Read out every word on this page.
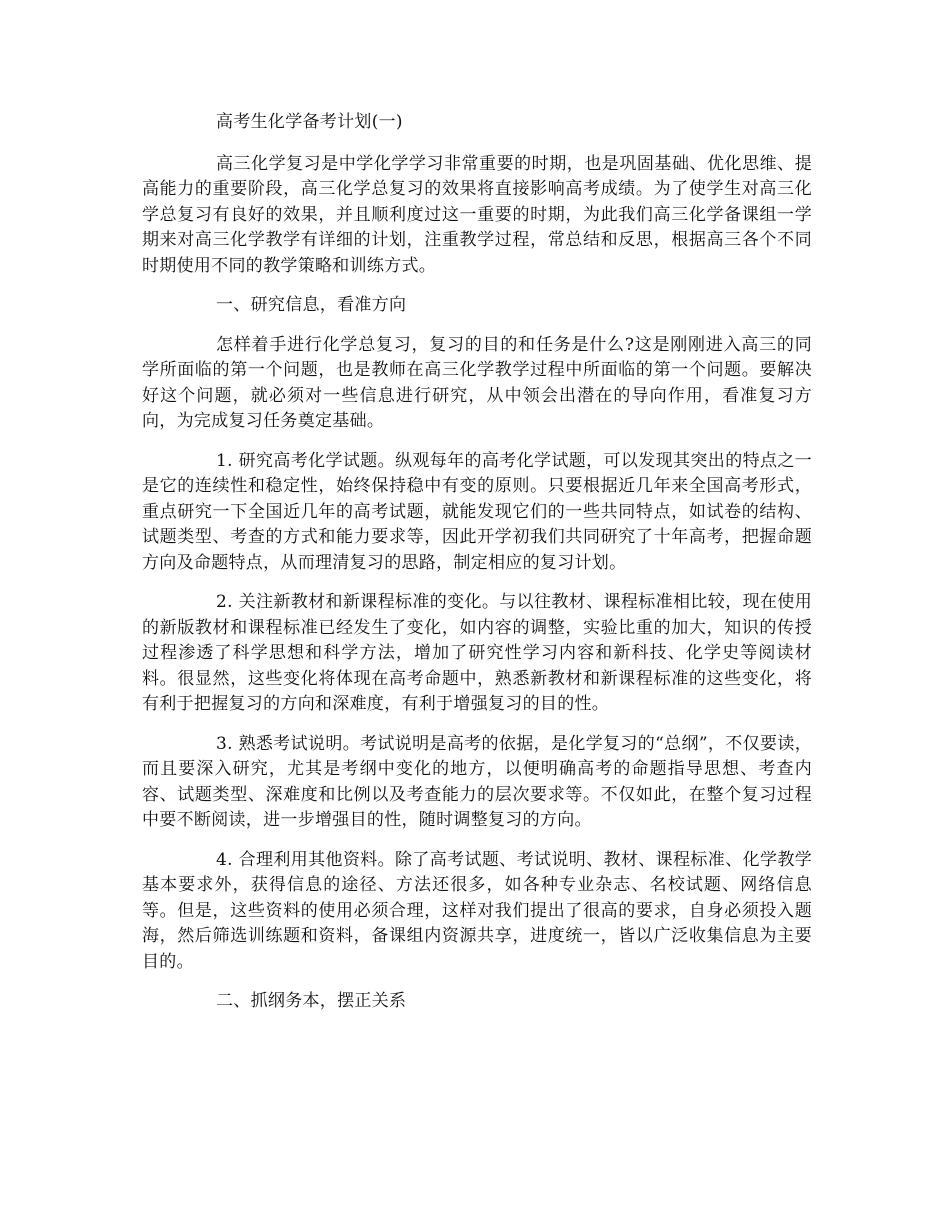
高考生化学备考计划(一)

高三化学复习是中学化学学习非常重要的时期，也是巩固基础、优化思维、提高能力的重要阶段，高三化学总复习的效果将直接影响高考成绩。为了使学生对高三化学总复习有良好的效果，并且顺利度过这一重要的时期，为此我们高三化学备课组一学期来对高三化学教学有详细的计划，注重教学过程，常总结和反思，根据高三各个不同时期使用不同的教学策略和训练方式。

一、研究信息，看准方向

怎样着手进行化学总复习，复习的目的和任务是什么?这是刚刚进入高三的同学所面临的第一个问题，也是教师在高三化学教学过程中所面临的第一个问题。要解决好这个问题，就必须对一些信息进行研究，从中领会出潜在的导向作用，看准复习方向，为完成复习任务奠定基础。

1. 研究高考化学试题。纵观每年的高考化学试题，可以发现其突出的特点之一是它的连续性和稳定性，始终保持稳中有变的原则。只要根据近几年来全国高考形式，重点研究一下全国近几年的高考试题，就能发现它们的一些共同特点，如试卷的结构、试题类型、考查的方式和能力要求等，因此开学初我们共同研究了十年高考，把握命题方向及命题特点，从而理清复习的思路，制定相应的复习计划。

2. 关注新教材和新课程标准的变化。与以往教材、课程标准相比较，现在使用的新版教材和课程标准已经发生了变化，如内容的调整，实验比重的加大，知识的传授过程渗透了科学思想和科学方法，增加了研究性学习内容和新科技、化学史等阅读材料。很显然，这些变化将体现在高考命题中，熟悉新教材和新课程标准的这些变化，将有利于把握复习的方向和深难度，有利于增强复习的目的性。

3. 熟悉考试说明。考试说明是高考的依据，是化学复习的“总纲”，不仅要读，而且要深入研究，尤其是考纲中变化的地方，以便明确高考的命题指导思想、考查内容、试题类型、深难度和比例以及考查能力的层次要求等。不仅如此，在整个复习过程中要不断阅读，进一步增强目的性，随时调整复习的方向。

4. 合理利用其他资料。除了高考试题、考试说明、教材、课程标准、化学教学基本要求外，获得信息的途径、方法还很多，如各种专业杂志、名校试题、网络信息等。但是，这些资料的使用必须合理，这样对我们提出了很高的要求，自身必须投入题海，然后筛选训练题和资料，备课组内资源共享，进度统一，皆以广泛收集信息为主要目的。

二、抓纲务本，摆正关系
